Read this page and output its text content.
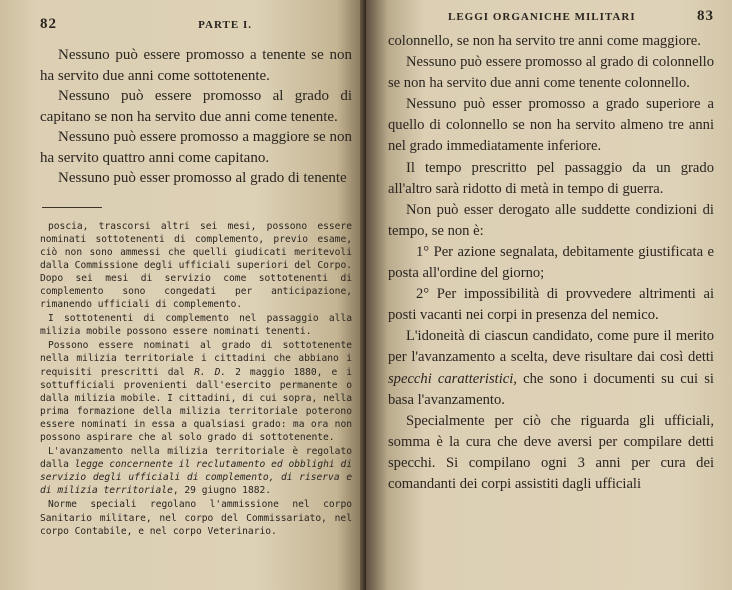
82	PARTE I.

Nessuno può essere promosso a tenente se non ha servito due anni come sottotenente.

Nessuno può essere promosso al grado di capitano se non ha servito due anni come tenente.

Nessuno può essere promosso a maggiore se non ha servito quattro anni come capitano.

Nessuno può esser promosso al grado di tenente

poscia, trascorsi altri sei mesi, possono essere nominati sottotenenti di complemento, previo esame, ciò non sono ammessi che quelli giudicati meritevoli dalla Commissione degli ufficiali superiori del Corpo. Dopo sei mesi di servizio come sottotenenti di complemento sono congedati per anticipazione, rimanendo ufficiali di complemento.

I sottotenenti di complemento nel passaggio alla milizia mobile possono essere nominati tenenti.

Possono essere nominati al grado di sottotenente nella milizia territoriale i cittadini che abbiano i requisiti prescritti dal R. D. 2 maggio 1880, e i sottufficiali provenienti dall'esercito permanente o dalla milizia mobile. I cittadini, di cui sopra, nella prima formazione della milizia territoriale poterono essere nominati in essa a qualsiasi grado: ma ora non possono aspirare che al solo grado di sottotenente.

L'avanzamento nella milizia territoriale è regolato dalla legge concernente il reclutamento ed obblighi di servizio degli ufficiali di complemento, di riserva e di milizia territoriale, 29 giugno 1882.

Norme speciali regolano l'ammissione nel corpo Sanitario militare, nel corpo del Commissariato, nel corpo Contabile, e nel corpo Veterinario.

LEGGI ORGANICHE MILITARI	83

colonnello, se non ha servito tre anni come maggiore.

Nessuno può essere promosso al grado di colonnello se non ha servito due anni come tenente colonnello.

Nessuno può esser promosso a grado superiore a quello di colonnello se non ha servito almeno tre anni nel grado immediatamente inferiore.

Il tempo prescritto pel passaggio da un grado all'altro sarà ridotto di metà in tempo di guerra.

Non può esser derogato alle suddette condizioni di tempo, se non è:

1° Per azione segnalata, debitamente giustificata e posta all'ordine del giorno;

2° Per impossibilità di provvedere altrimenti ai posti vacanti nei corpi in presenza del nemico.

L'idoneità di ciascun candidato, come pure il merito per l'avanzamento a scelta, deve risultare dai così detti specchi caratteristici, che sono i documenti su cui si basa l'avanzamento.

Specialmente per ciò che riguarda gli ufficiali, somma è la cura che deve aversi per compilare detti specchi. Si compilano ogni 3 anni per cura dei comandanti dei corpi assistiti dagli ufficiali
